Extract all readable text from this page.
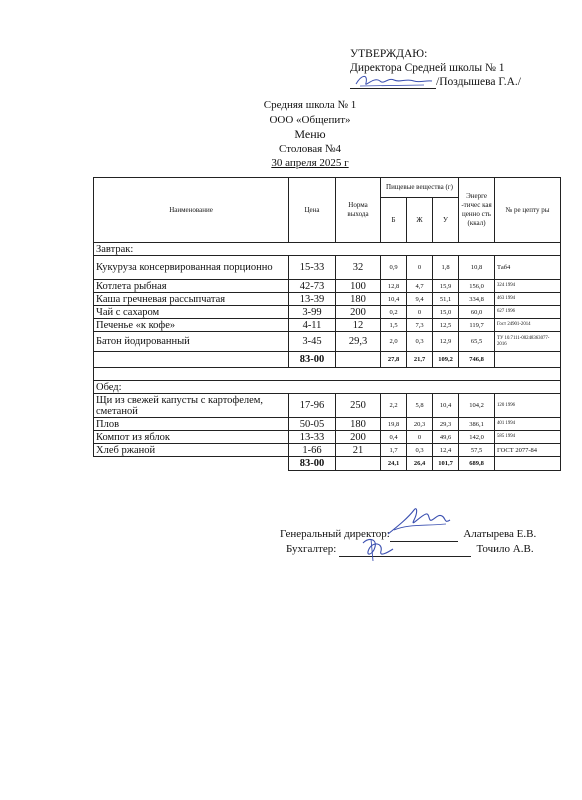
УТВЕРЖДАЮ:
Директора Средней школы № 1
/Поздышева Г.А./
Средняя школа № 1
ООО «Общепит»
Меню
Столовая №4
30 апреля 2025 г
Наименование	Цена	Норма выхода	Пищевые вещества (г)			Энерге -тичес кая ценно сть (ккал)	№ ре цепту ры
			Б	Ж	У		
Завтрак:							
Кукуруза консервированная порционно	15-33	32	0,9	0	1,8	10,8	Таб4
Котлета рыбная	42-73	100	12,8	4,7	15,9	156,0	324 1994
Каша гречневая рассыпчатая	13-39	180	10,4	9,4	51,1	334,8	463 1994
Чай с сахаром	3-99	200	0,2	0	15,0	60,0	627 1996
Печенье «к кофе»	4-11	12	1,5	7,3	12,5	119,7	Гост 24901-2014
Батон йодированный	3-45	29,3	2,0	0,3	12,9	65,5	ТУ 10.7111-00248363077-2016
	83-00		27,8	21,7	109,2	746,8	

Обед:							
Щи из свежей капусты с картофелем, сметаной	17-96	250	2,2	5,8	10,4	104,2	120 1996
Плов	50-05	180	19,8	20,3	29,3	386,1	401 1994
Компот из яблок	13-33	200	0,4	0	49,6	142,0	585 1994
Хлеб ржаной	1-66	21	1,7	0,3	12,4	57,5	ГОСТ 2077-84
	83-00		24,1	26,4	101,7	689,8	
Генеральный директор:	Алатырева Е.В.
Бухгалтер:	Точило А.В.
